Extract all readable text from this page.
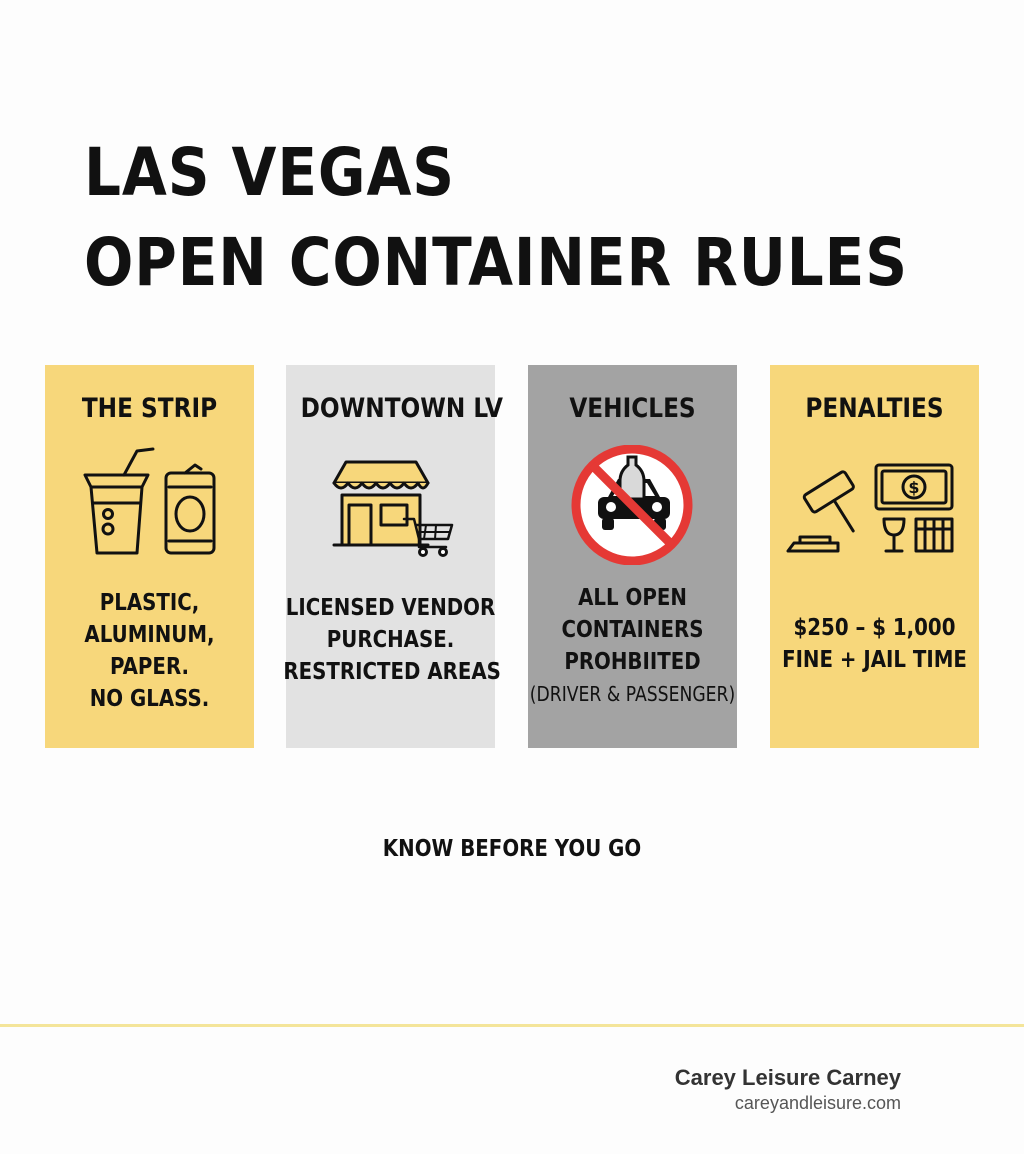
LAS VEGAS
OPEN CONTAINER RULES
THE STRIP
PLASTIC,
ALUMINUM,
PAPER.
NO GLASS.
DOWNTOWN LV
LICENSED VENDOR
PURCHASE.
RESTRICTED AREAS
VEHICLES
ALL OPEN
CONTAINERS
PROHBIITED
(DRIVER & PASSENGER)
PENALTIES
$
$250 – $ 1,000
FINE + JAIL TIME
KNOW BEFORE YOU GO
Carey Leisure Carney
careyandleisure.com
